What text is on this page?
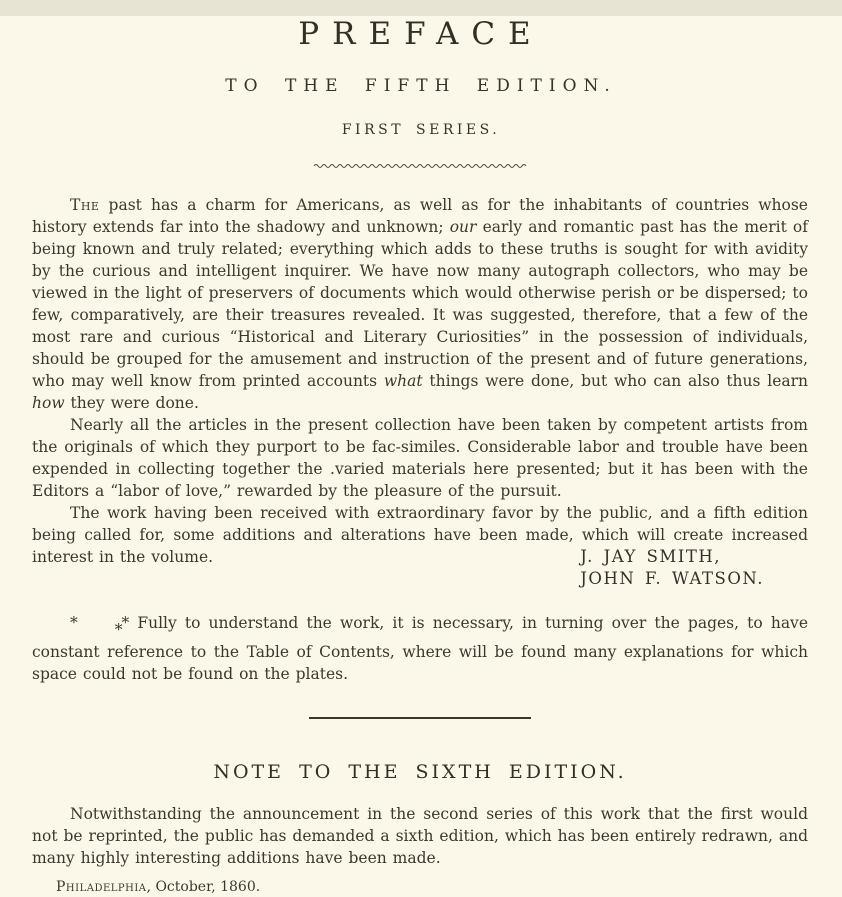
PREFACE
TO THE FIFTH EDITION.
FIRST SERIES.

The past has a charm for Americans, as well as for the inhabitants of countries whose history extends far into the shadowy and unknown; our early and romantic past has the merit of being known and truly related; everything which adds to these truths is sought for with avidity by the curious and intelligent inquirer. We have now many autograph collectors, who may be viewed in the light of preservers of documents which would otherwise perish or be dispersed; to few, comparatively, are their treasures revealed. It was suggested, therefore, that a few of the most rare and curious “Historical and Literary Curiosities” in the possession of individuals, should be grouped for the amusement and instruction of the present and of future generations, who may well know from printed accounts what things were done, but who can also thus learn how they were done.

Nearly all the articles in the present collection have been taken by competent artists from the originals of which they purport to be fac-similes. Considerable labor and trouble have been expended in collecting together the .varied materials here presented; but it has been with the Editors a “labor of love,” rewarded by the pleasure of the pursuit.

The work having been received with extraordinary favor by the public, and a fifth edition being called for, some additions and alterations have been made, which will create increased interest in the volume.	J. JAY SMITH,
JOHN F. WATSON.

* ** Fully to understand the work, it is necessary, in turning over the pages, to have constant reference to the Table of Contents, where will be found many explanations for which space could not be found on the plates.

NOTE TO THE SIXTH EDITION.

Notwithstanding the announcement in the second series of this work that the first would not be reprinted, the public has demanded a sixth edition, which has been entirely redrawn, and many highly interesting additions have been made.

Philadelphia, October, 1860.
